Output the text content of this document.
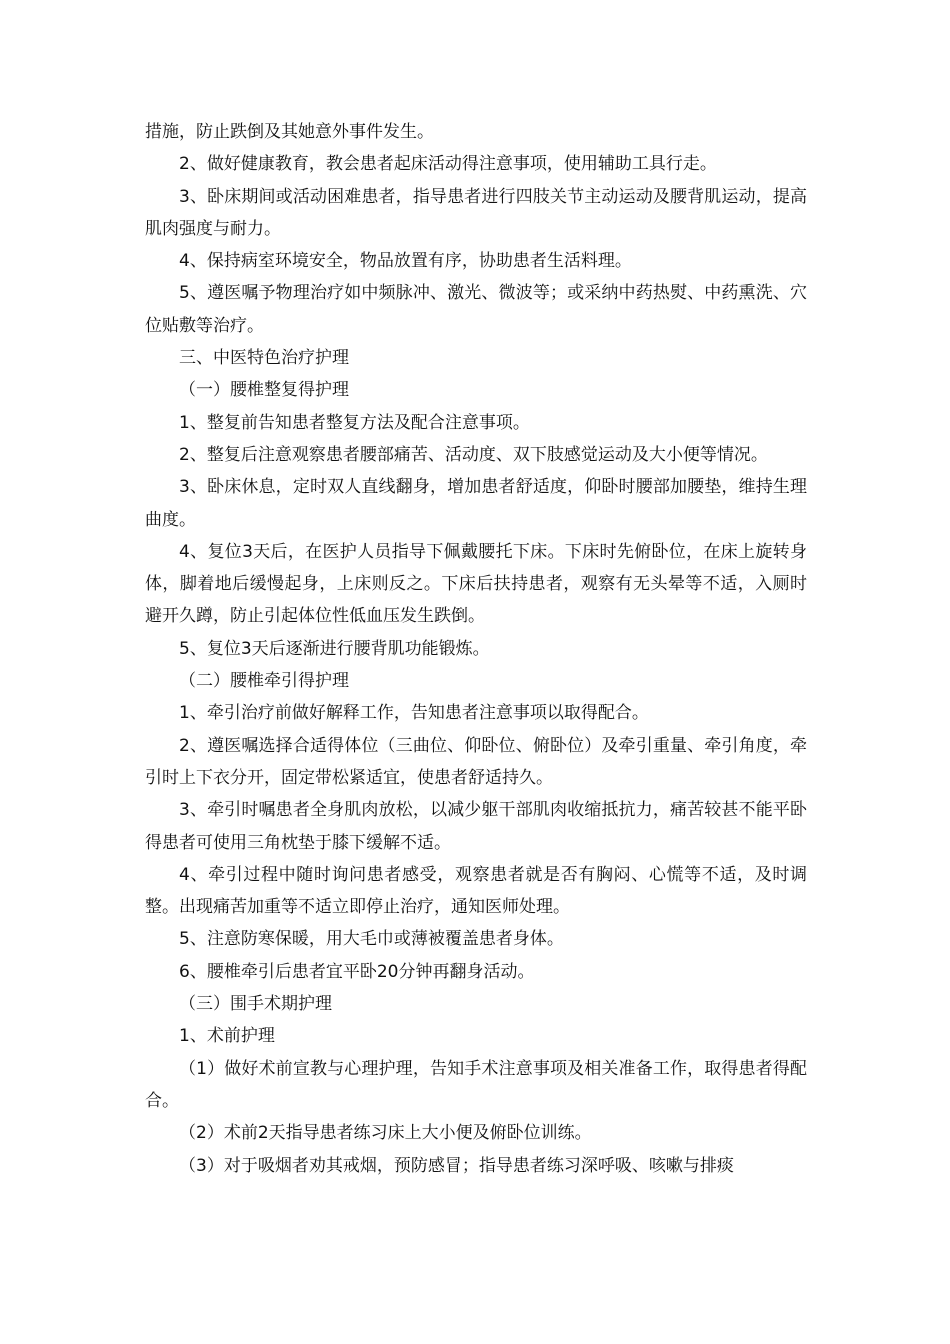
措施，防止跌倒及其她意外事件发生。

2、做好健康教育，教会患者起床活动得注意事项，使用辅助工具行走。

3、卧床期间或活动困难患者，指导患者进行四肢关节主动运动及腰背肌运动，提高肌肉强度与耐力。

4、保持病室环境安全，物品放置有序，协助患者生活料理。

5、遵医嘱予物理治疗如中频脉冲、激光、微波等；或采纳中药热熨、中药熏洗、穴位贴敷等治疗。

三、中医特色治疗护理

（一）腰椎整复得护理

1、整复前告知患者整复方法及配合注意事项。

2、整复后注意观察患者腰部痛苦、活动度、双下肢感觉运动及大小便等情况。

3、卧床休息，定时双人直线翻身，增加患者舒适度，仰卧时腰部加腰垫，维持生理曲度。

4、复位3天后，在医护人员指导下佩戴腰托下床。下床时先俯卧位，在床上旋转身体，脚着地后缓慢起身，上床则反之。下床后扶持患者，观察有无头晕等不适，入厕时避开久蹲，防止引起体位性低血压发生跌倒。

5、复位3天后逐渐进行腰背肌功能锻炼。

（二）腰椎牵引得护理

1、牵引治疗前做好解释工作，告知患者注意事项以取得配合。

2、遵医嘱选择合适得体位（三曲位、仰卧位、俯卧位）及牵引重量、牵引角度，牵引时上下衣分开，固定带松紧适宜，使患者舒适持久。

3、牵引时嘱患者全身肌肉放松，以减少躯干部肌肉收缩抵抗力，痛苦较甚不能平卧得患者可使用三角枕垫于膝下缓解不适。

4、牵引过程中随时询问患者感受，观察患者就是否有胸闷、心慌等不适，及时调整。出现痛苦加重等不适立即停止治疗，通知医师处理。

5、注意防寒保暖，用大毛巾或薄被覆盖患者身体。

6、腰椎牵引后患者宜平卧20分钟再翻身活动。

（三）围手术期护理

1、术前护理

（1）做好术前宣教与心理护理，告知手术注意事项及相关准备工作，取得患者得配合。

（2）术前2天指导患者练习床上大小便及俯卧位训练。

（3）对于吸烟者劝其戒烟，预防感冒；指导患者练习深呼吸、咳嗽与排痰
